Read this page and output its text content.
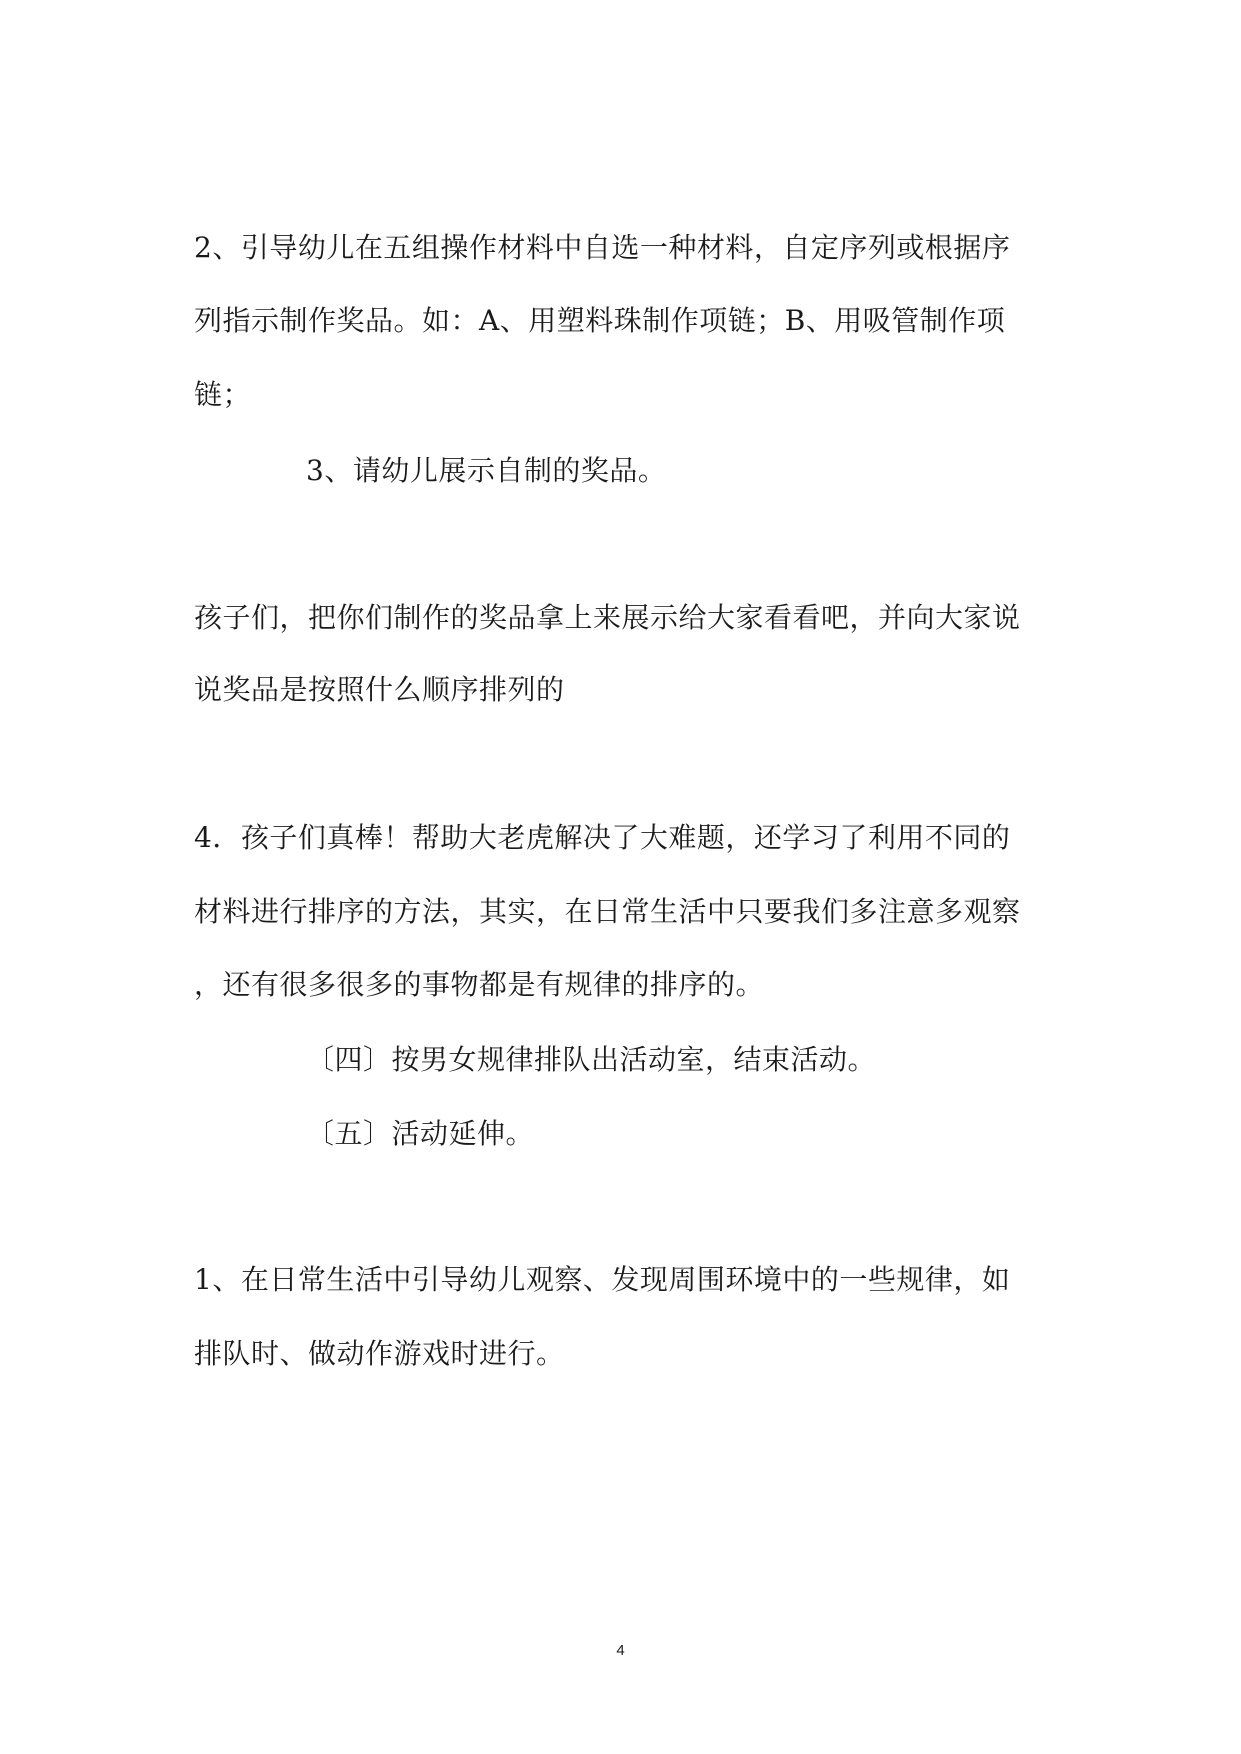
2、引导幼儿在五组操作材料中自选一种材料，自定序列或根据序
列指示制作奖品。如：A、用塑料珠制作项链；B、用吸管制作项
链；
3、请幼儿展示自制的奖品。
孩子们，把你们制作的奖品拿上来展示给大家看看吧，并向大家说
说奖品是按照什么顺序排列的
4．孩子们真棒！帮助大老虎解决了大难题，还学习了利用不同的
材料进行排序的方法，其实，在日常生活中只要我们多注意多观察
，还有很多很多的事物都是有规律的排序的。
〔四〕按男女规律排队出活动室，结束活动。
〔五〕活动延伸。
1、在日常生活中引导幼儿观察、发现周围环境中的一些规律，如
排队时、做动作游戏时进行。
4
